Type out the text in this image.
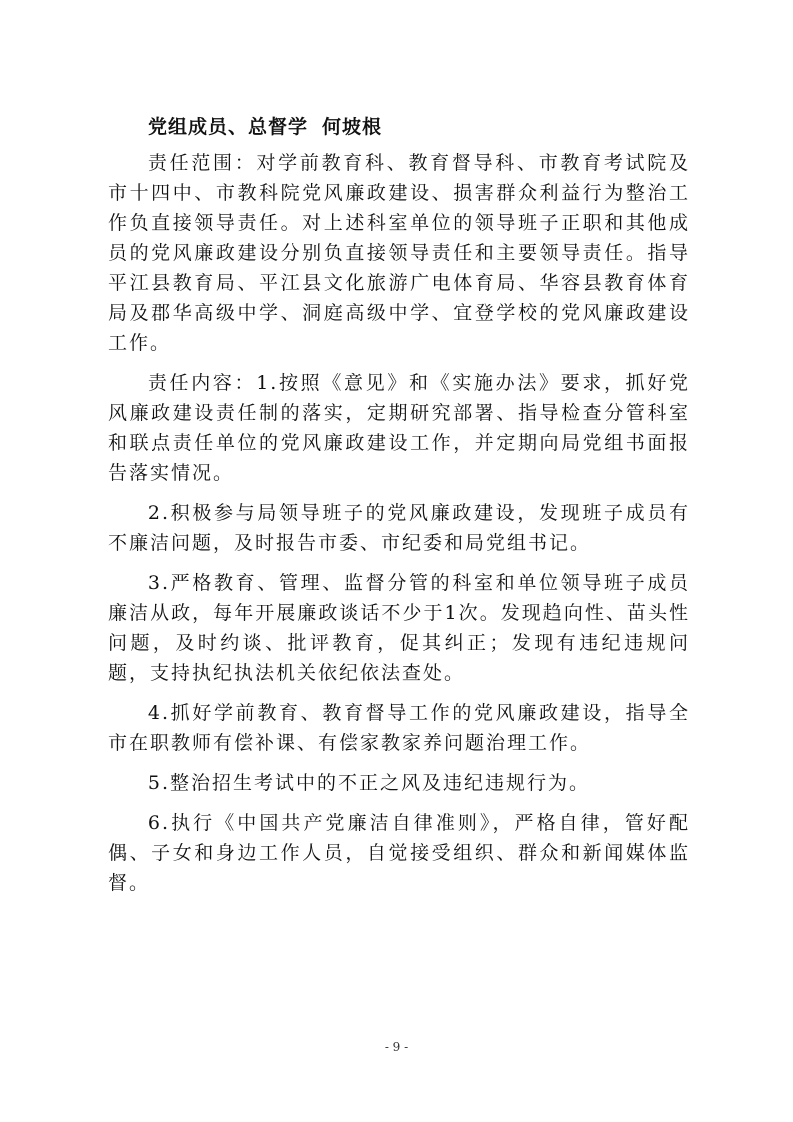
党组成员、总督学 何坡根

责任范围：对学前教育科、教育督导科、市教育考试院及市十四中、市教科院党风廉政建设、损害群众利益行为整治工作负直接领导责任。对上述科室单位的领导班子正职和其他成员的党风廉政建设分别负直接领导责任和主要领导责任。指导平江县教育局、平江县文化旅游广电体育局、华容县教育体育局及郡华高级中学、洞庭高级中学、宜登学校的党风廉政建设工作。

责任内容：1.按照《意见》和《实施办法》要求，抓好党风廉政建设责任制的落实，定期研究部署、指导检查分管科室和联点责任单位的党风廉政建设工作，并定期向局党组书面报告落实情况。

2.积极参与局领导班子的党风廉政建设，发现班子成员有不廉洁问题，及时报告市委、市纪委和局党组书记。

3.严格教育、管理、监督分管的科室和单位领导班子成员廉洁从政，每年开展廉政谈话不少于1次。发现趋向性、苗头性问题，及时约谈、批评教育，促其纠正；发现有违纪违规问题，支持执纪执法机关依纪依法查处。

4.抓好学前教育、教育督导工作的党风廉政建设，指导全市在职教师有偿补课、有偿家教家养问题治理工作。

5.整治招生考试中的不正之风及违纪违规行为。

6.执行《中国共产党廉洁自律准则》，严格自律，管好配偶、子女和身边工作人员，自觉接受组织、群众和新闻媒体监督。

- 9 -
